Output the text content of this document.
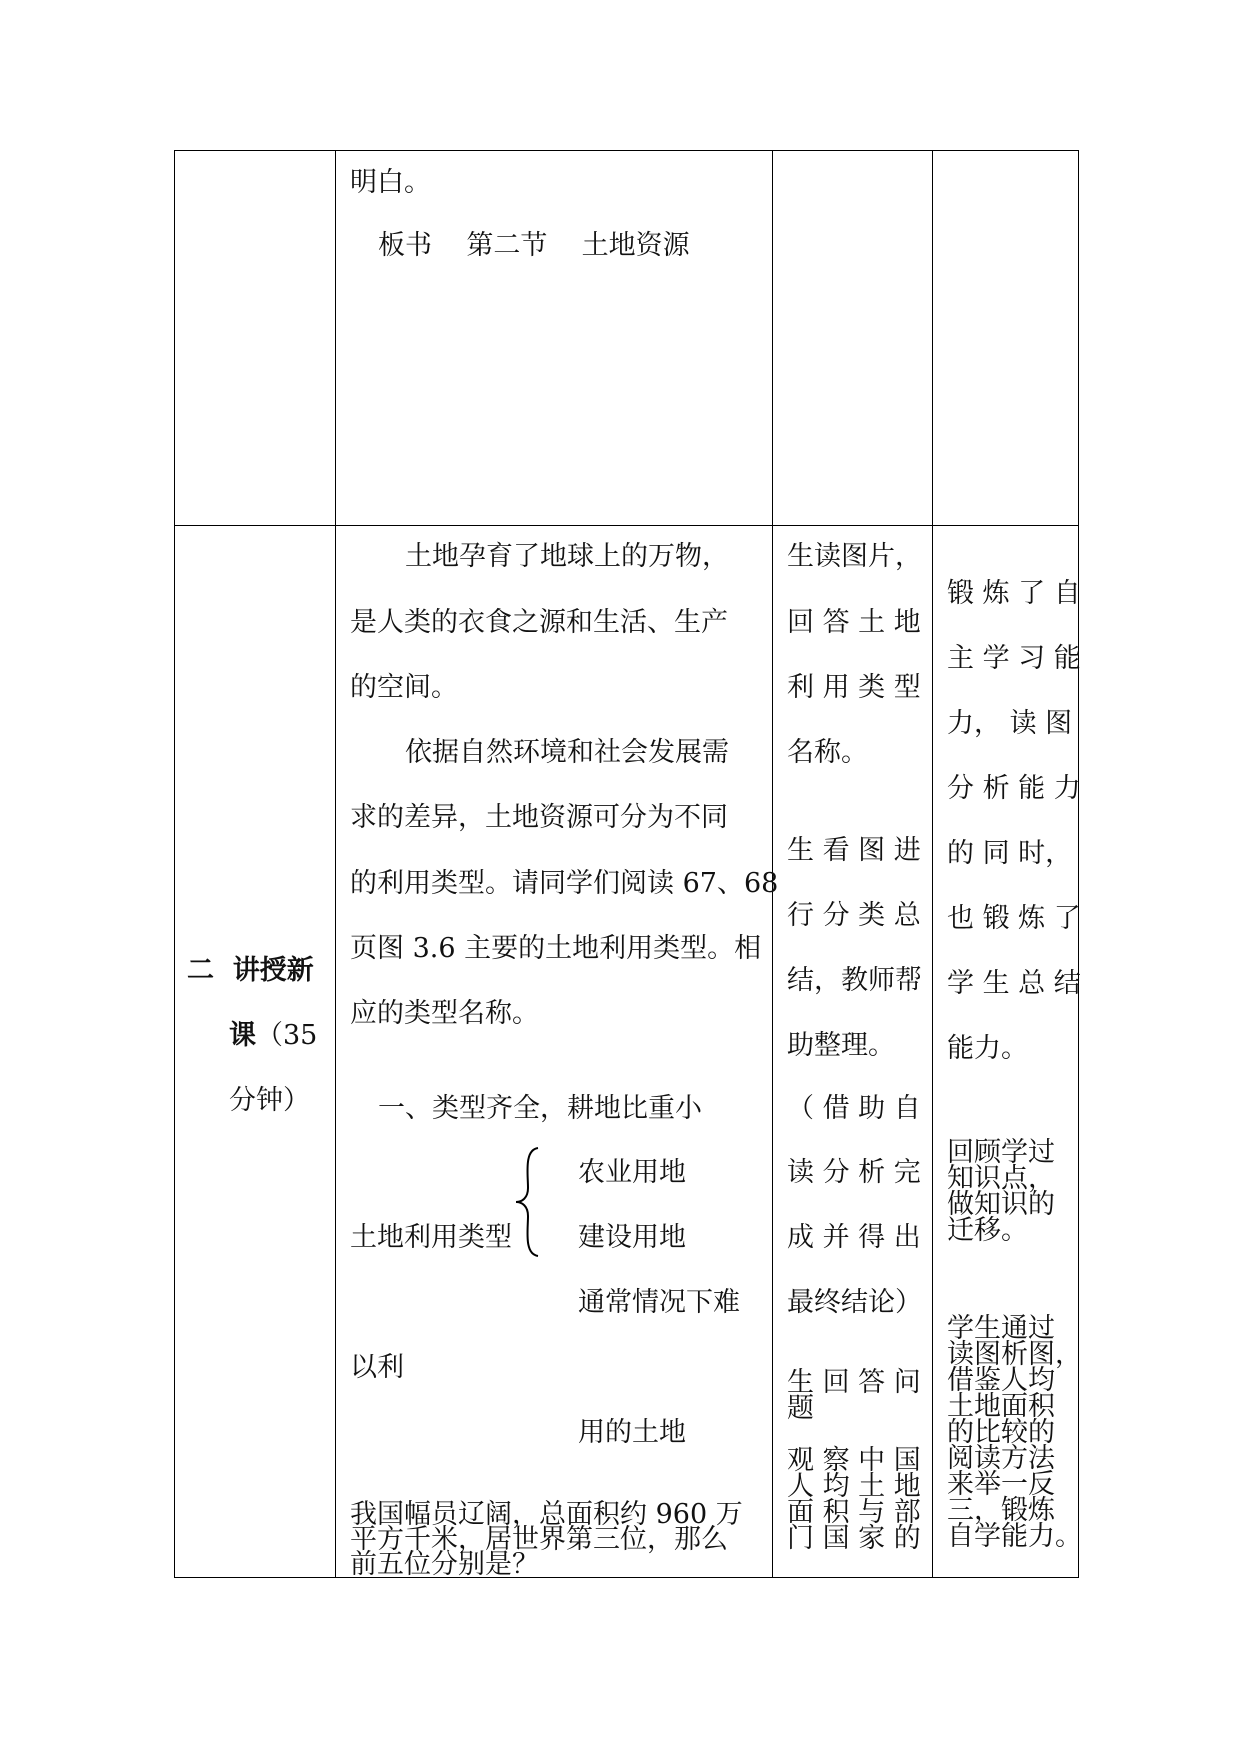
明白。
板书    第二节    土地资源
二  讲授新
课（35
分钟）
土地孕育了地球上的万物，
是人类的衣食之源和生活、生产
的空间。
依据自然环境和社会发展需
求的差异，土地资源可分为不同
的利用类型。请同学们阅读 67、68
页图 3.6 主要的土地利用类型。相
应的类型名称。
一、类型齐全，耕地比重小
农业用地
土地利用类型 建设用地
通常情况下难
以利
用的土地
我国幅员辽阔，总面积约 960 万
平方千米，居世界第三位，那么
前五位分别是？
生读图片，
回 答 土 地
利 用 类 型
名称。
生 看 图 进
行 分 类 总
结，教师帮
助整理。
（ 借 助 自
读 分 析 完
成 并 得 出
最终结论）
生 回 答 问
题
观 察 中 国
人 均 土 地
面 积 与 部
门 国 家 的
锻 炼 了 自
主 学 习 能
力， 读 图
分 析 能 力
的 同 时，
也 锻 炼 了
学 生 总 结
能力。
回顾学过
知识点，
做知识的
迁移。
学生通过
读图析图，
借鉴人均
土地面积
的比较的
阅读方法
来举一反
三，锻炼
自学能力。
